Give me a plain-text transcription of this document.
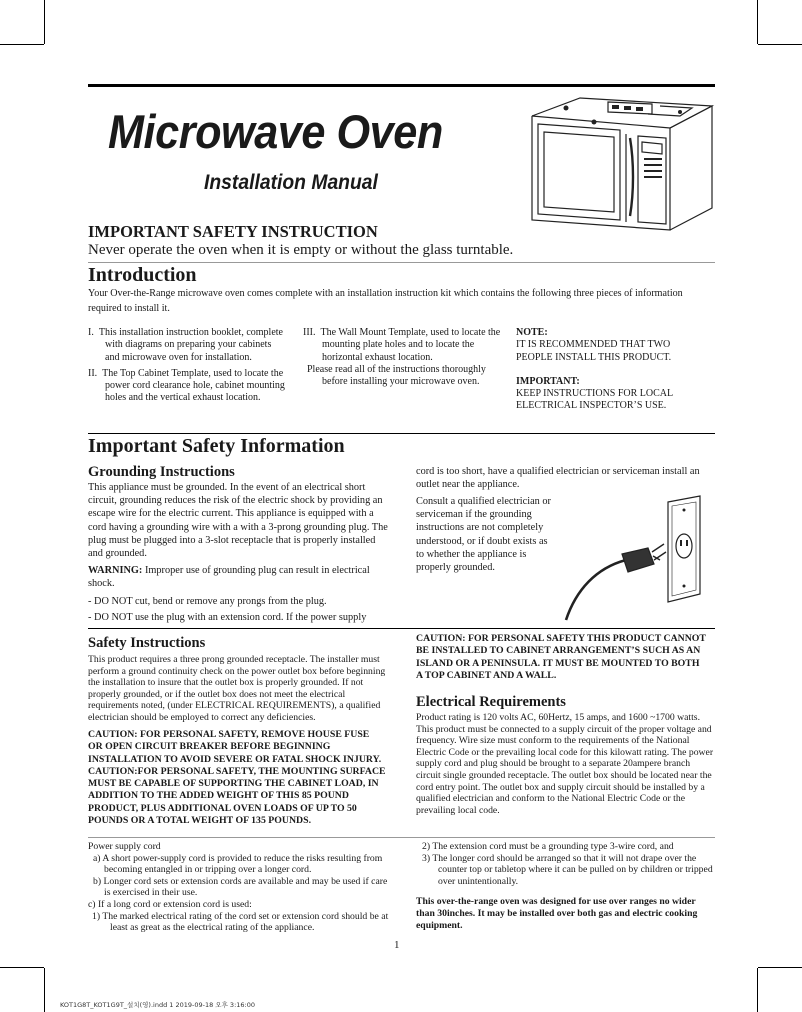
Microwave Oven
Installation Manual
IMPORTANT SAFETY INSTRUCTION
Never operate the oven when it is empty or without the glass turntable.
Introduction
Your Over-the-Range microwave oven comes complete with an installation instruction kit which contains the following three pieces of information required to install it.
I. This installation instruction booklet, complete with diagrams on preparing your cabinets and microwave oven for installation.
II. The Top Cabinet Template, used to locate the power cord clearance hole, cabinet mounting holes and the vertical exhaust location.
III. The Wall Mount Template, used to locate the mounting plate holes and to locate the horizontal exhaust location.
Please read all of the instructions thoroughly before installing your microwave oven.
NOTE:
IT IS RECOMMENDED THAT TWO PEOPLE INSTALL THIS PRODUCT.
IMPORTANT:
KEEP INSTRUCTIONS FOR LOCAL ELECTRICAL INSPECTOR’S USE.
Important Safety Information
Grounding Instructions
This appliance must be grounded. In the event of an electrical short circuit, grounding reduces the risk of the electric shock by providing an escape wire for the electric current. This appliance is equipped with a cord having a grounding wire with a with a 3-prong grounding plug. The plug must be plugged into a 3-slot receptacle that is properly installed and grounded.
WARNING: Improper use of grounding plug can result in electrical shock.
- DO NOT cut, bend or remove any prongs from the plug.
- DO NOT use the plug with an extension cord. If the power supply
cord is too short, have a qualified electrician or serviceman install an outlet near the appliance.
Consult a qualified electrician or serviceman if the grounding instructions are not completely understood, or if doubt exists as to whether the appliance is properly grounded.
Safety Instructions
This product requires a three prong grounded receptacle. The installer must perform a ground continuity check on the power outlet box before beginning the installation to insure that the outlet box is properly grounded. If not properly grounded, or if the outlet box does not meet the electrical requirements noted, (under ELECTRICAL REQUIREMENTS), a qualified electrician should be employed to correct any deficiencies.
CAUTION: FOR PERSONAL SAFETY, REMOVE HOUSE FUSE OR OPEN CIRCUIT BREAKER BEFORE BEGINNING INSTALLATION TO AVOID SEVERE OR FATAL SHOCK INJURY. CAUTION:FOR PERSONAL SAFETY, THE MOUNTING SURFACE MUST BE CAPABLE OF SUPPORTING THE CABINET LOAD, IN ADDITION TO THE ADDED WEIGHT OF THIS 85 POUND PRODUCT, PLUS ADDITIONAL OVEN LOADS OF UP TO 50 POUNDS OR A TOTAL WEIGHT OF 135 POUNDS.
CAUTION: FOR PERSONAL SAFETY THIS PRODUCT CANNOT BE INSTALLED TO CABINET ARRANGEMENT’S SUCH AS AN ISLAND OR A PENINSULA. IT MUST BE MOUNTED TO BOTH A TOP CABINET AND A WALL.
Electrical Requirements
Product rating is 120 volts AC, 60Hertz, 15 amps, and 1600 ~1700 watts. This product must be connected to a supply circuit of the proper voltage and frequency. Wire size must conform to the requirements of the National Electric Code or the prevailing local code for this kilowatt rating. The power supply cord and plug should be brought to a separate 20ampere branch circuit single grounded receptacle. The outlet box should be located near the cord entry point. The outlet box and supply circuit should be installed by a qualified electrician and conform to the National Electric Code or the prevailing local code.
Power supply cord
a) A short power-supply cord is provided to reduce the risks resulting from becoming entangled in or tripping over a longer cord.
b) Longer cord sets or extension cords are available and may be used if care is exercised in their use.
c) If a long cord or extension cord is used:
1) The marked electrical rating of the cord set or extension cord should be at least as great as the electrical rating of the appliance.
2) The extension cord must be a grounding type 3-wire cord, and
3) The longer cord should be arranged so that it will not drape over the counter top or tabletop where it can be pulled on by children or tripped over unintentionally.
This over-the-range oven was designed for use over ranges no wider than 30inches. It may be installed over both gas and electric cooking equipment.
1
KOT1G8T_KOT1G9T_설치(영).indd 1 2019-09-18 오후 3:16:00
